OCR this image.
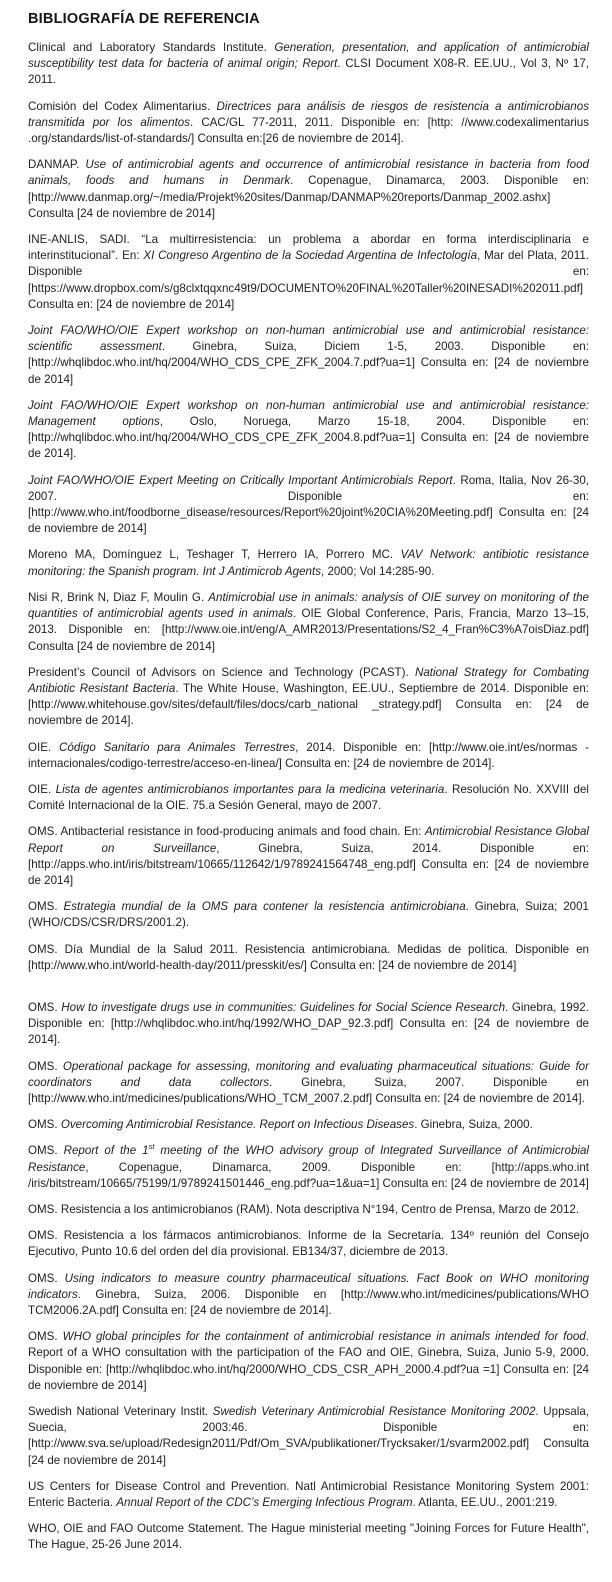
BIBLIOGRAFÍA DE REFERENCIA

Clinical and Laboratory Standards Institute. Generation, presentation, and application of antimicrobial susceptibility test data for bacteria of animal origin; Report. CLSI Document X08-R. EE.UU., Vol 3, Nº 17, 2011.

Comisión del Codex Alimentarius. Directrices para análisis de riesgos de resistencia a antimicrobianos transmitida por los alimentos. CAC/GL 77-2011, 2011. Disponible en: [http: //www.codexalimentarius .org/standards/list-of-standards/] Consulta en:[26 de noviembre de 2014].

DANMAP. Use of antimicrobial agents and occurrence of antimicrobial resistance in bacteria from food animals, foods and humans in Denmark. Copenague, Dinamarca, 2003. Disponible en: [http://www.danmap.org/~/media/Projekt%20sites/Danmap/DANMAP%20reports/Danmap_2002.ashx] Consulta [24 de noviembre de 2014]

INE-ANLIS, SADI. “La multirresistencia: un problema a abordar en forma interdisciplinaria e interinstitucional”. En: XI Congreso Argentino de la Sociedad Argentina de Infectología, Mar del Plata, 2011. Disponible en: [https://www.dropbox.com/s/g8clxtqqxnc49t9/DOCUMENTO%20FINAL%20Taller%20INESADI%202011.pdf] Consulta en: [24 de noviembre de 2014]

Joint FAO/WHO/OIE Expert workshop on non-human antimicrobial use and antimicrobial resistance: scientific assessment. Ginebra, Suiza, Diciem 1-5, 2003. Disponible en: [http://whqlibdoc.who.int/hq/2004/WHO_CDS_CPE_ZFK_2004.7.pdf?ua=1] Consulta en: [24 de noviembre de 2014]

Joint FAO/WHO/OIE Expert workshop on non-human antimicrobial use and antimicrobial resistance: Management options, Oslo, Noruega, Marzo 15-18, 2004. Disponible en: [http://whqlibdoc.who.int/hq/2004/WHO_CDS_CPE_ZFK_2004.8.pdf?ua=1] Consulta en: [24 de noviembre de 2014].

Joint FAO/WHO/OIE Expert Meeting on Critically Important Antimicrobials Report. Roma, Italia, Nov 26-30, 2007. Disponible en: [http://www.who.int/foodborne_disease/resources/Report%20joint%20CIA%20Meeting.pdf] Consulta en: [24 de noviembre de 2014]

Moreno MA, Domínguez L, Teshager T, Herrero IA, Porrero MC. VAV Network: antibiotic resistance monitoring: the Spanish program. Int J Antimicrob Agents, 2000; Vol 14:285-90.

Nisi R, Brink N, Diaz F, Moulin G. Antimicrobial use in animals: analysis of OIE survey on monitoring of the quantities of antimicrobial agents used in animals. OIE Global Conference, Paris, Francia, Marzo 13–15, 2013. Disponible en: [http://www.oie.int/eng/A_AMR2013/Presentations/S2_4_Fran%C3%A7oisDiaz.pdf] Consulta [24 de noviembre de 2014]

President’s Council of Advisors on Science and Technology (PCAST). National Strategy for Combating Antibiotic Resistant Bacteria. The White House, Washington, EE.UU., Septiembre de 2014. Disponible en: [http://www.whitehouse.gov/sites/default/files/docs/carb_national _strategy.pdf] Consulta en: [24 de noviembre de 2014].

OIE. Código Sanitario para Animales Terrestres, 2014. Disponible en: [http://www.oie.int/es/normas -internacionales/codigo-terrestre/acceso-en-linea/] Consulta en: [24 de noviembre de 2014].

OIE. Lista de agentes antimicrobianos importantes para la medicina veterinaria. Resolución No. XXVIII del Comité Internacional de la OIE. 75.a Sesión General, mayo de 2007.

OMS. Antibacterial resistance in food-producing animals and food chain. En: Antimicrobial Resistance Global Report on Surveillance, Ginebra, Suiza, 2014. Disponible en: [http://apps.who.int/iris/bitstream/10665/112642/1/9789241564748_eng.pdf] Consulta en: [24 de noviembre de 2014]

OMS. Estrategia mundial de la OMS para contener la resistencia antimicrobiana. Ginebra, Suiza; 2001 (WHO/CDS/CSR/DRS/2001.2).

OMS. Día Mundial de la Salud 2011. Resistencia antimicrobiana. Medidas de política. Disponible en [http://www.who.int/world-health-day/2011/presskit/es/] Consulta en: [24 de noviembre de 2014]

OMS. How to investigate drugs use in communities: Guidelines for Social Science Research. Ginebra, 1992. Disponible en: [http://whqlibdoc.who.int/hq/1992/WHO_DAP_92.3.pdf] Consulta en: [24 de noviembre de 2014].

OMS. Operational package for assessing, monitoring and evaluating pharmaceutical situations: Guide for coordinators and data collectors. Ginebra, Suiza, 2007. Disponible en [http://www.who.int/medicines/publications/WHO_TCM_2007.2.pdf] Consulta en: [24 de noviembre de 2014].

OMS. Overcoming Antimicrobial Resistance. Report on Infectious Diseases. Ginebra, Suiza, 2000.

OMS. Report of the 1st meeting of the WHO advisory group of Integrated Surveillance of Antimicrobial Resistance, Copenague, Dinamarca, 2009. Disponible en: [http://apps.who.int /iris/bitstream/10665/75199/1/9789241501446_eng.pdf?ua=1&ua=1] Consulta en: [24 de noviembre de 2014]

OMS. Resistencia a los antimicrobianos (RAM). Nota descriptiva N°194, Centro de Prensa, Marzo de 2012.

OMS. Resistencia a los fármacos antimicrobianos. Informe de la Secretaría. 134º reunión del Consejo Ejecutivo, Punto 10.6 del orden del día provisional. EB134/37, diciembre de 2013.

OMS. Using indicators to measure country pharmaceutical situations. Fact Book on WHO monitoring indicators. Ginebra, Suiza, 2006. Disponible en [http://www.who.int/medicines/publications/WHO TCM2006.2A.pdf] Consulta en: [24 de noviembre de 2014].

OMS. WHO global principles for the containment of antimicrobial resistance in animals intended for food. Report of a WHO consultation with the participation of the FAO and OIE, Ginebra, Suiza, Junio 5-9, 2000. Disponible en: [http://whqlibdoc.who.int/hq/2000/WHO_CDS_CSR_APH_2000.4.pdf?ua =1] Consulta en: [24 de noviembre de 2014]

Swedish National Veterinary Instit. Swedish Veterinary Antimicrobial Resistance Monitoring 2002. Uppsala, Suecia, 2003:46. Disponible en: [http://www.sva.se/upload/Redesign2011/Pdf/Om_SVA/publikationer/Trycksaker/1/svarm2002.pdf] Consulta [24 de noviembre de 2014]

US Centers for Disease Control and Prevention. Natl Antimicrobial Resistance Monitoring System 2001: Enteric Bacteria. Annual Report of the CDC’s Emerging Infectious Program. Atlanta, EE.UU., 2001:219.

WHO, OIE and FAO Outcome Statement. The Hague ministerial meeting "Joining Forces for Future Health", The Hague, 25-26 June 2014.
